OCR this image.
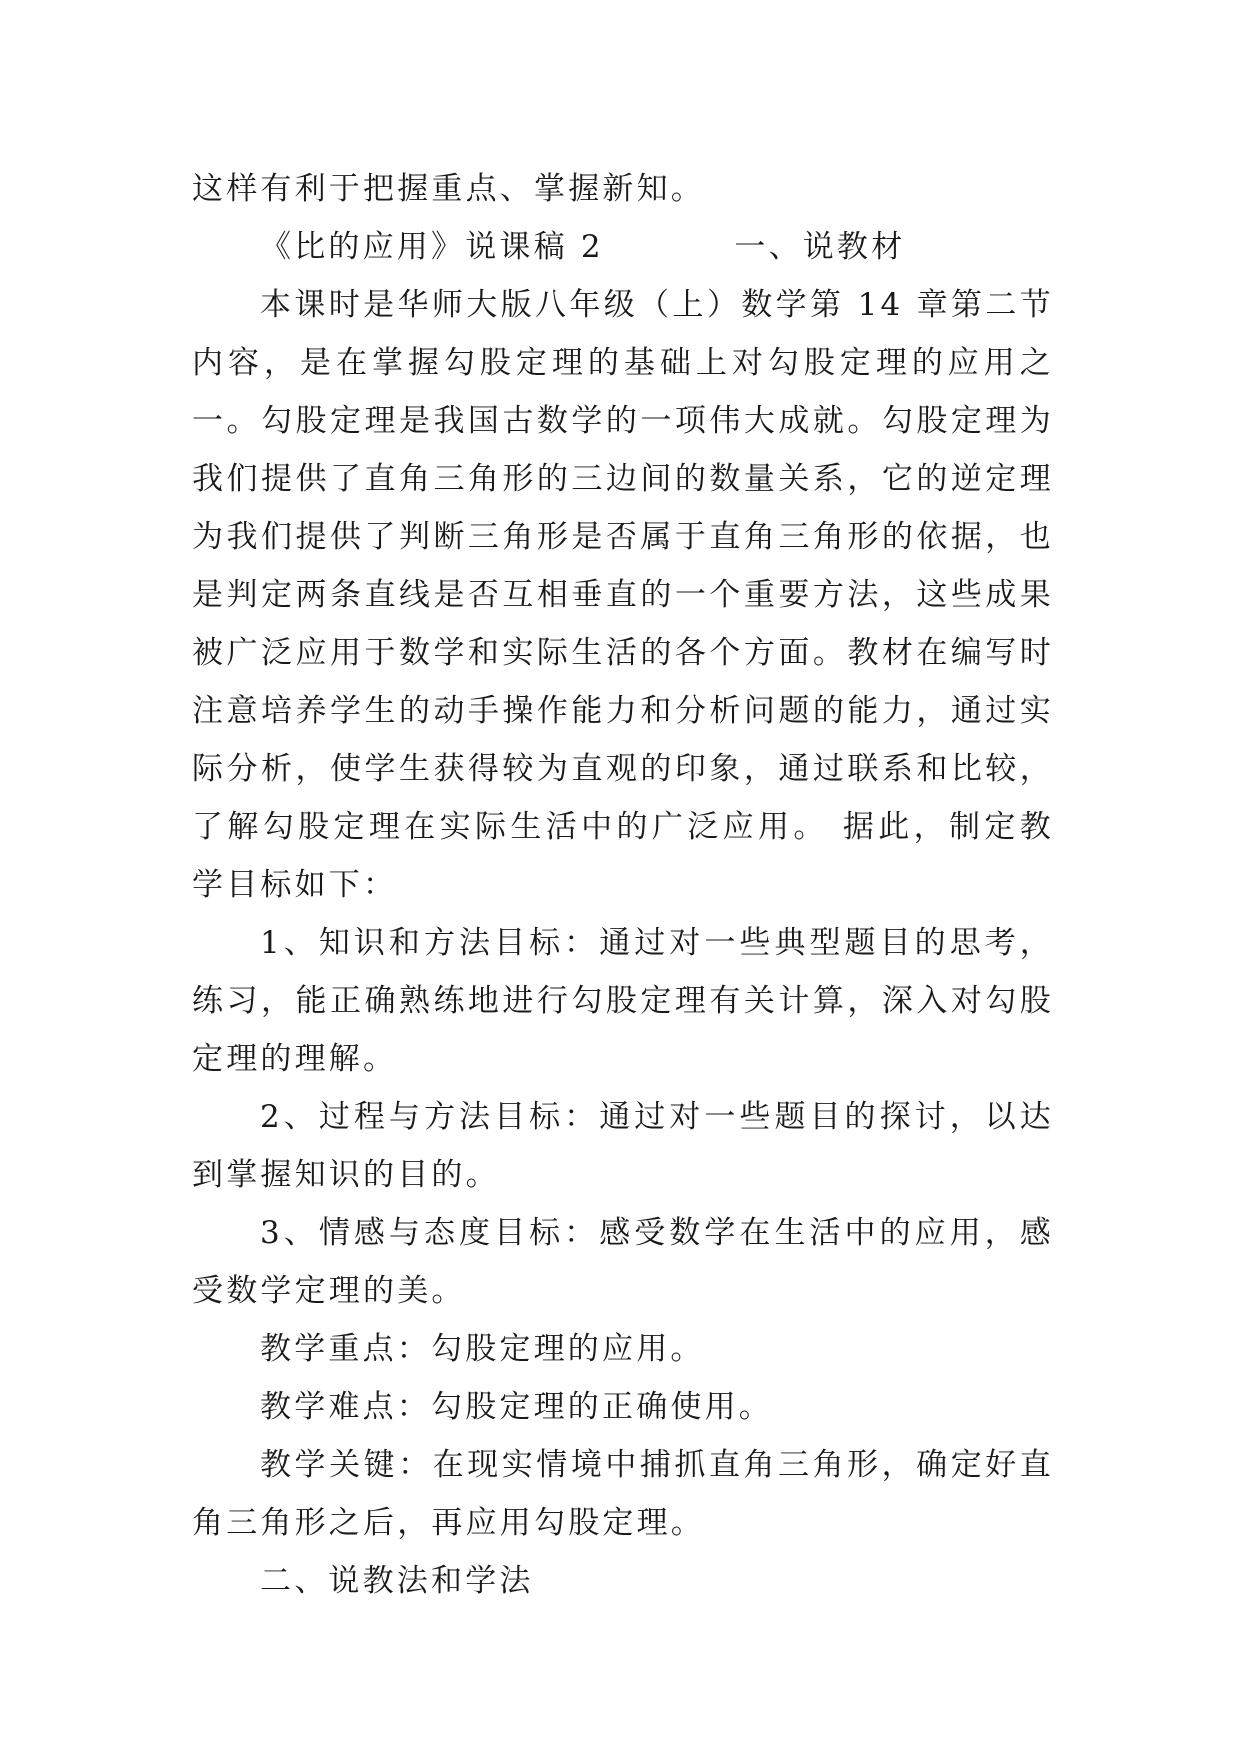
这样有利于把握重点、掌握新知。

《比的应用》说课稿 2          一、说教材

本课时是华师大版八年级（上）数学第 14 章第二节内容，是在掌握勾股定理的基础上对勾股定理的应用之一。勾股定理是我国古数学的一项伟大成就。勾股定理为我们提供了直角三角形的三边间的数量关系，它的逆定理为我们提供了判断三角形是否属于直角三角形的依据，也是判定两条直线是否互相垂直的一个重要方法，这些成果被广泛应用于数学和实际生活的各个方面。教材在编写时注意培养学生的动手操作能力和分析问题的能力，通过实际分析，使学生获得较为直观的印象，通过联系和比较，了解勾股定理在实际生活中的广泛应用。 据此，制定教学目标如下：

1、知识和方法目标：通过对一些典型题目的思考，练习，能正确熟练地进行勾股定理有关计算，深入对勾股定理的理解。

2、过程与方法目标：通过对一些题目的探讨，以达到掌握知识的目的。

3、情感与态度目标：感受数学在生活中的应用，感受数学定理的美。

教学重点：勾股定理的应用。

教学难点：勾股定理的正确使用。

教学关键：在现实情境中捕抓直角三角形，确定好直角三角形之后，再应用勾股定理。

二、说教法和学法
